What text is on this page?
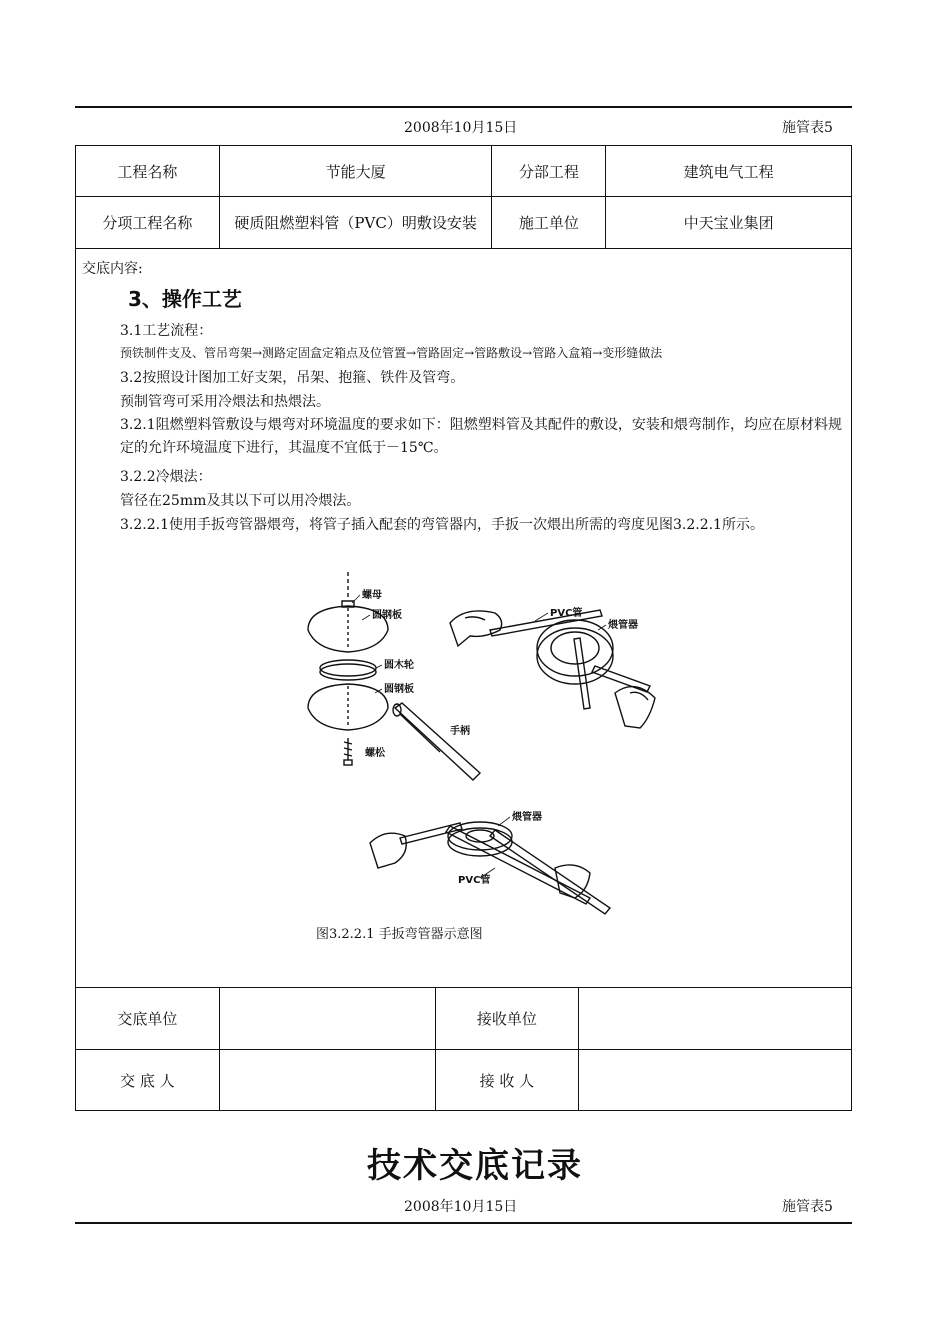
2008年10月15日	施管表5
工程名称	节能大厦	分部工程	建筑电气工程
分项工程名称	硬质阻燃塑料管（PVC）明敷设安装	施工单位	中天宝业集团
交底内容:
3、操作工艺
3.1工艺流程：
预铁制件支及、管吊弯架→测路定固盒定箱点及位管置→管路固定→管路敷设→管路入盒箱→变形缝做法
3.2按照设计图加工好支架，吊架、抱箍、铁件及管弯。
预制管弯可采用冷煨法和热煨法。
3.2.1阻燃塑料管敷设与煨弯对环境温度的要求如下：阻燃塑料管及其配件的敷设，安装和煨弯制作，均应在原材料规定的允许环境温度下进行，其温度不宜低于－15℃。
3.2.2冷煨法：
管径在25mm及其以下可以用冷煨法。
3.2.2.1使用手扳弯管器煨弯，将管子插入配套的弯管器内，手扳一次煨出所需的弯度见图3.2.2.1所示。
螺母
圆钢板
圆木轮
圆钢板
手柄
螺松
PVC管
煨管器
煨管器
PVC管
图3.2.2.1 手扳弯管器示意图
交底单位		接收单位	
交 底 人		接 收 人	
技术交底记录
2008年10月15日	施管表5
